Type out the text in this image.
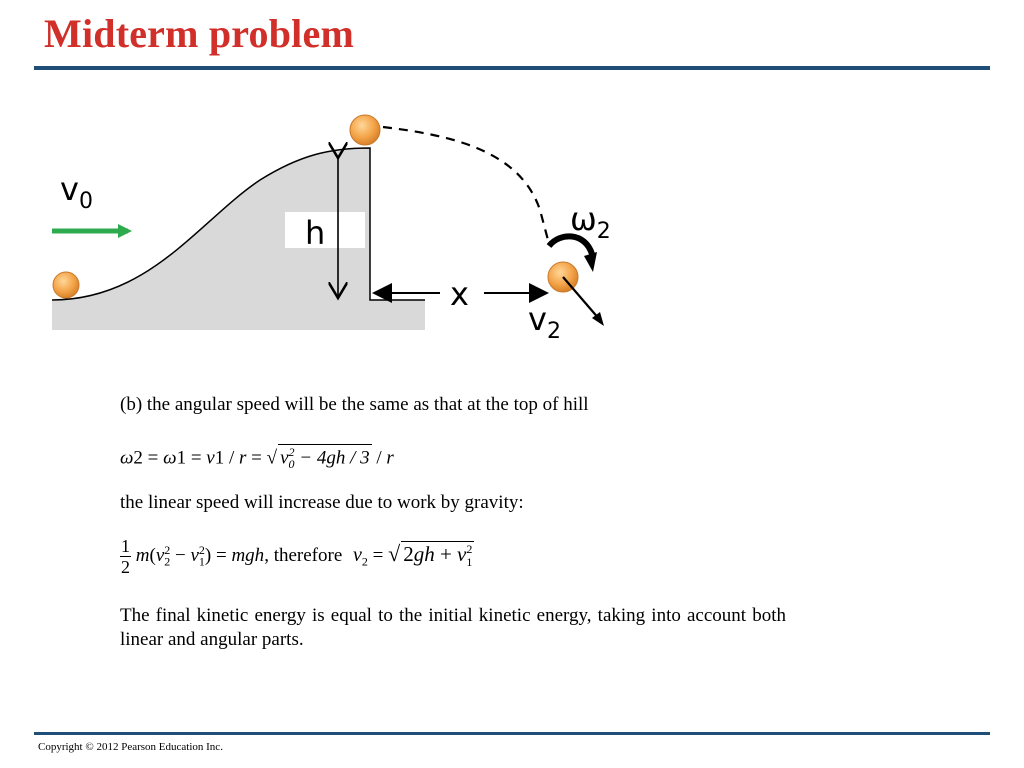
Midterm problem
h
x
$v_0$	$\omega_2$
$v_2$
(b) the angular speed will be the same as that at the top of hill
ω2 = ω1 = v1 / r = √ $v_0^2 - 4gh / 3 / r$
the linear speed will increase due to work by gravity:
$\frac{1}{2} m(v_2^2 - v_1^2)$ = mgh, therefore $v_2$ = √ $2gh + v_1^2$
The final kinetic energy is equal to the initial kinetic energy, taking into account both linear and angular parts.
Copyright © 2012 Pearson Education Inc.
